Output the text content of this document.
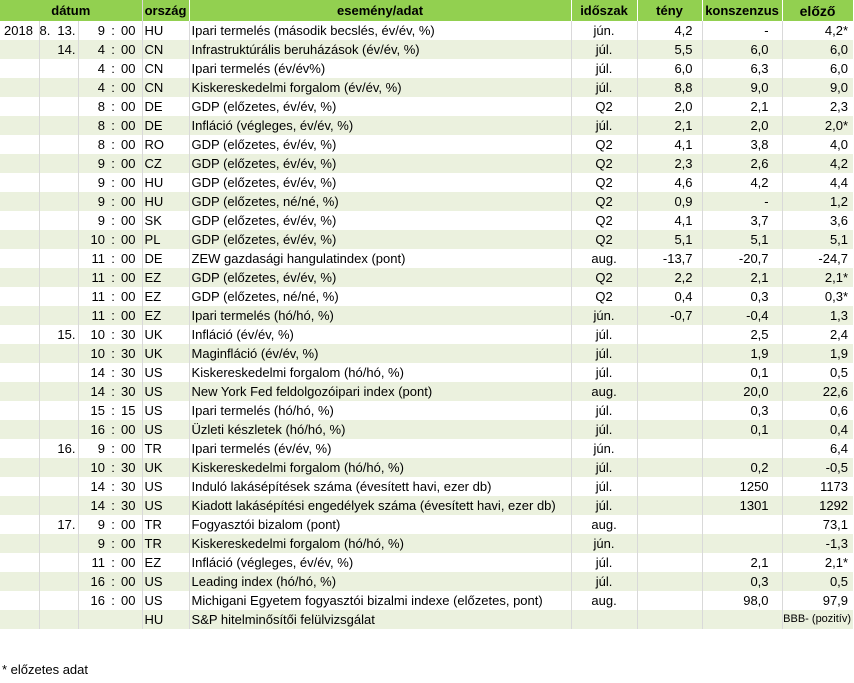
dátum						ország	esemény/adat	időszak	tény	konszenzus	előző
2018	8.	13.	9	:	00	HU	Ipari termelés (második becslés, év/év, %)	jún.	4,2	-	4,2*
		14.	4	:	00	CN	Infrastruktúrális beruházások (év/év, %)	júl.	5,5	6,0	6,0
			4	:	00	CN	Ipari termelés (év/év%)	júl.	6,0	6,3	6,0
			4	:	00	CN	Kiskereskedelmi forgalom (év/év, %)	júl.	8,8	9,0	9,0
			8	:	00	DE	GDP (előzetes, év/év, %)	Q2	2,0	2,1	2,3
			8	:	00	DE	Infláció (végleges, év/év, %)	júl.	2,1	2,0	2,0*
			8	:	00	RO	GDP (előzetes, év/év, %)	Q2	4,1	3,8	4,0
			9	:	00	CZ	GDP (előzetes, év/év, %)	Q2	2,3	2,6	4,2
			9	:	00	HU	GDP (előzetes, év/év, %)	Q2	4,6	4,2	4,4
			9	:	00	HU	GDP (előzetes, né/né, %)	Q2	0,9	-	1,2
			9	:	00	SK	GDP (előzetes, év/év, %)	Q2	4,1	3,7	3,6
			10	:	00	PL	GDP (előzetes, év/év, %)	Q2	5,1	5,1	5,1
			11	:	00	DE	ZEW gazdasági hangulatindex (pont)	aug.	-13,7	-20,7	-24,7
			11	:	00	EZ	GDP (előzetes, év/év, %)	Q2	2,2	2,1	2,1*
			11	:	00	EZ	GDP (előzetes, né/né, %)	Q2	0,4	0,3	0,3*
			11	:	00	EZ	Ipari termelés (hó/hó, %)	jún.	-0,7	-0,4	1,3
		15.	10	:	30	UK	Infláció (év/év, %)	júl.		2,5	2,4
			10	:	30	UK	Maginfláció (év/év, %)	júl.		1,9	1,9
			14	:	30	US	Kiskereskedelmi forgalom (hó/hó, %)	júl.		0,1	0,5
			14	:	30	US	New York Fed feldolgozóipari index (pont)	aug.		20,0	22,6
			15	:	15	US	Ipari termelés (hó/hó, %)	júl.		0,3	0,6
			16	:	00	US	Üzleti készletek (hó/hó, %)	júl.		0,1	0,4
		16.	9	:	00	TR	Ipari termelés (év/év, %)	jún.			6,4
			10	:	30	UK	Kiskereskedelmi forgalom (hó/hó, %)	júl.		0,2	-0,5
			14	:	30	US	Induló lakásépítések száma (évesített havi, ezer db)	júl.		1250	1173
			14	:	30	US	Kiadott lakásépítési engedélyek száma (évesített havi, ezer db)	júl.		1301	1292
		17.	9	:	00	TR	Fogyasztói bizalom (pont)	aug.			73,1
			9	:	00	TR	Kiskereskedelmi forgalom (hó/hó, %)	jún.			-1,3
			11	:	00	EZ	Infláció (végleges, év/év, %)	júl.		2,1	2,1*
			16	:	00	US	Leading index (hó/hó, %)	júl.		0,3	0,5
			16	:	00	US	Michigani Egyetem fogyasztói bizalmi indexe (előzetes, pont)	aug.		98,0	97,9
						HU	S&P hitelminősítői felülvizsgálat				BBB- (pozitív)
* előzetes adat
